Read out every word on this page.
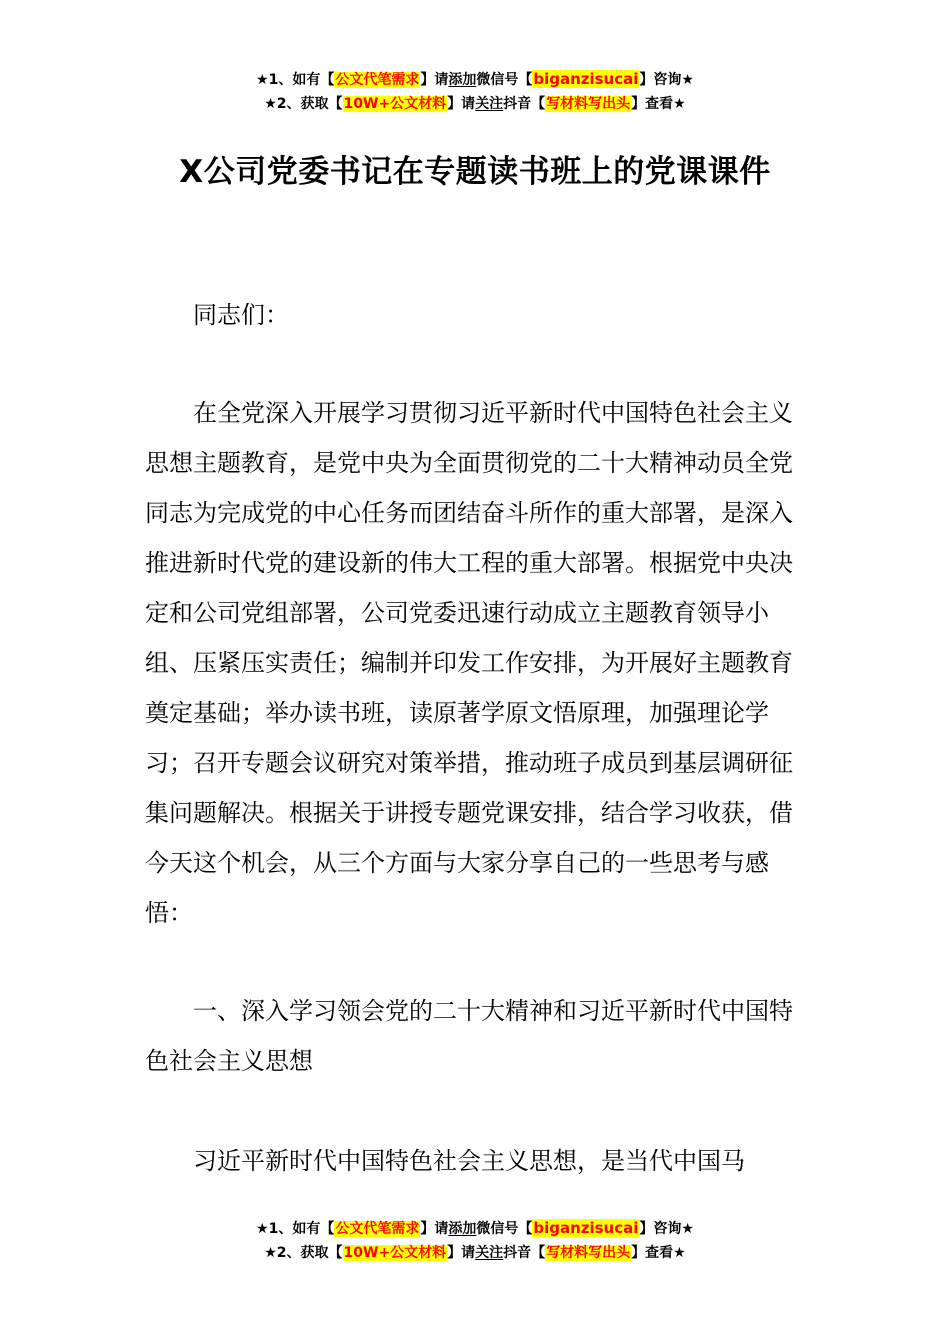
★1、如有【公文代笔需求】请添加微信号【biganzisucai】咨询★
★2、获取【10W+公文材料】请关注抖音【写材料写出头】查看★
X公司党委书记在专题读书班上的党课课件

同志们：

在全党深入开展学习贯彻习近平新时代中国特色社会主义思想主题教育，是党中央为全面贯彻党的二十大精神动员全党同志为完成党的中心任务而团结奋斗所作的重大部署，是深入推进新时代党的建设新的伟大工程的重大部署。根据党中央决定和公司党组部署，公司党委迅速行动成立主题教育领导小组、压紧压实责任；编制并印发工作安排，为开展好主题教育奠定基础；举办读书班，读原著学原文悟原理，加强理论学习；召开专题会议研究对策举措，推动班子成员到基层调研征集问题解决。根据关于讲授专题党课安排，结合学习收获，借今天这个机会，从三个方面与大家分享自己的一些思考与感悟：

一、深入学习领会党的二十大精神和习近平新时代中国特色社会主义思想

习近平新时代中国特色社会主义思想，是当代中国马

★1、如有【公文代笔需求】请添加微信号【biganzisucai】咨询★
★2、获取【10W+公文材料】请关注抖音【写材料写出头】查看★
